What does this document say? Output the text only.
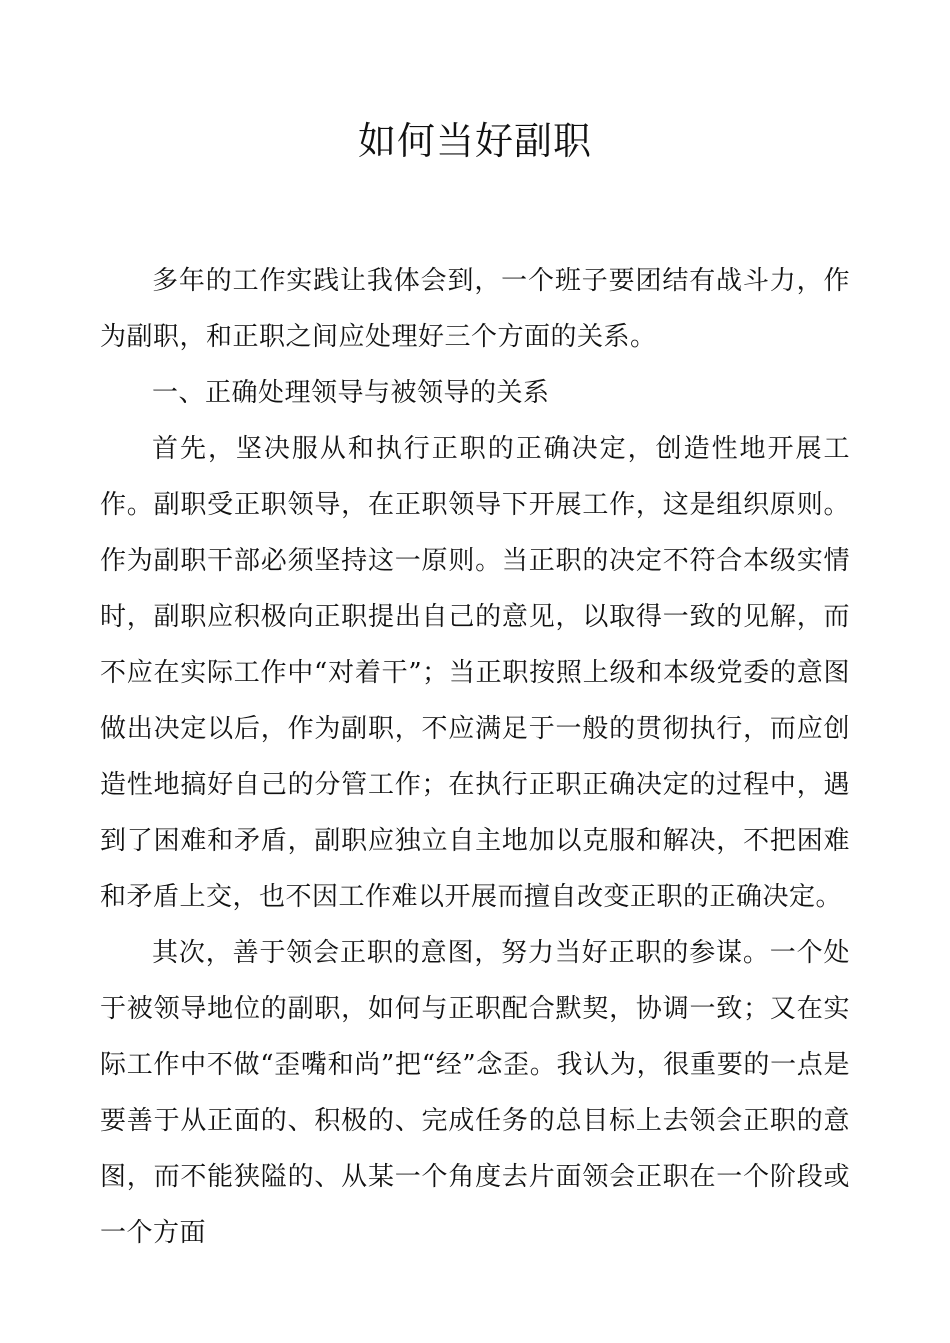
如何当好副职

多年的工作实践让我体会到，一个班子要团结有战斗力，作为副职，和正职之间应处理好三个方面的关系。

一、正确处理领导与被领导的关系

首先，坚决服从和执行正职的正确决定，创造性地开展工作。副职受正职领导，在正职领导下开展工作，这是组织原则。作为副职干部必须坚持这一原则。当正职的决定不符合本级实情时，副职应积极向正职提出自己的意见，以取得一致的见解，而不应在实际工作中“对着干”；当正职按照上级和本级党委的意图做出决定以后，作为副职，不应满足于一般的贯彻执行，而应创造性地搞好自己的分管工作；在执行正职正确决定的过程中，遇到了困难和矛盾，副职应独立自主地加以克服和解决，不把困难和矛盾上交，也不因工作难以开展而擅自改变正职的正确决定。

其次，善于领会正职的意图，努力当好正职的参谋。一个处于被领导地位的副职，如何与正职配合默契，协调一致；又在实际工作中不做“歪嘴和尚”把“经”念歪。我认为，很重要的一点是要善于从正面的、积极的、完成任务的总目标上去领会正职的意图，而不能狭隘的、从某一个角度去片面领会正职在一个阶段或一个方面
